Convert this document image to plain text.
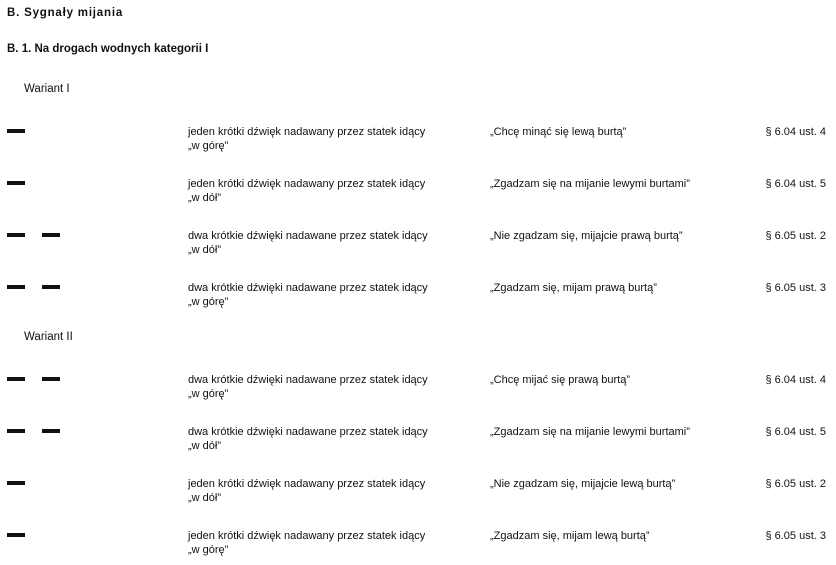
B. Sygnały mijania
B. 1. Na drogach wodnych kategorii I
Wariant I
jeden krótki dźwięk nadawany przez statek idący
„w górę”
„Chcę minąć się lewą burtą”	§ 6.04 ust. 4
jeden krótki dźwięk nadawany przez statek idący
„w dół”
„Zgadzam się na mijanie lewymi burtami”	§ 6.04 ust. 5
dwa krótkie dźwięki nadawane przez statek idący
„w dół”
„Nie zgadzam się, mijajcie prawą burtą”	§ 6.05 ust. 2
dwa krótkie dźwięki nadawane przez statek idący
„w górę”
„Zgadzam się, mijam prawą burtą”	§ 6.05 ust. 3
Wariant II
dwa krótkie dźwięki nadawane przez statek idący
„w górę”
„Chcę mijać się prawą burtą”	§ 6.04 ust. 4
dwa krótkie dźwięki nadawane przez statek idący
„w dół”
„Zgadzam się na mijanie lewymi burtami”	§ 6.04 ust. 5
jeden krótki dźwięk nadawany przez statek idący
„w dół”
„Nie zgadzam się, mijajcie lewą burtą”	§ 6.05 ust. 2
jeden krótki dźwięk nadawany przez statek idący
„w górę”
„Zgadzam się, mijam lewą burtą”	§ 6.05 ust. 3
